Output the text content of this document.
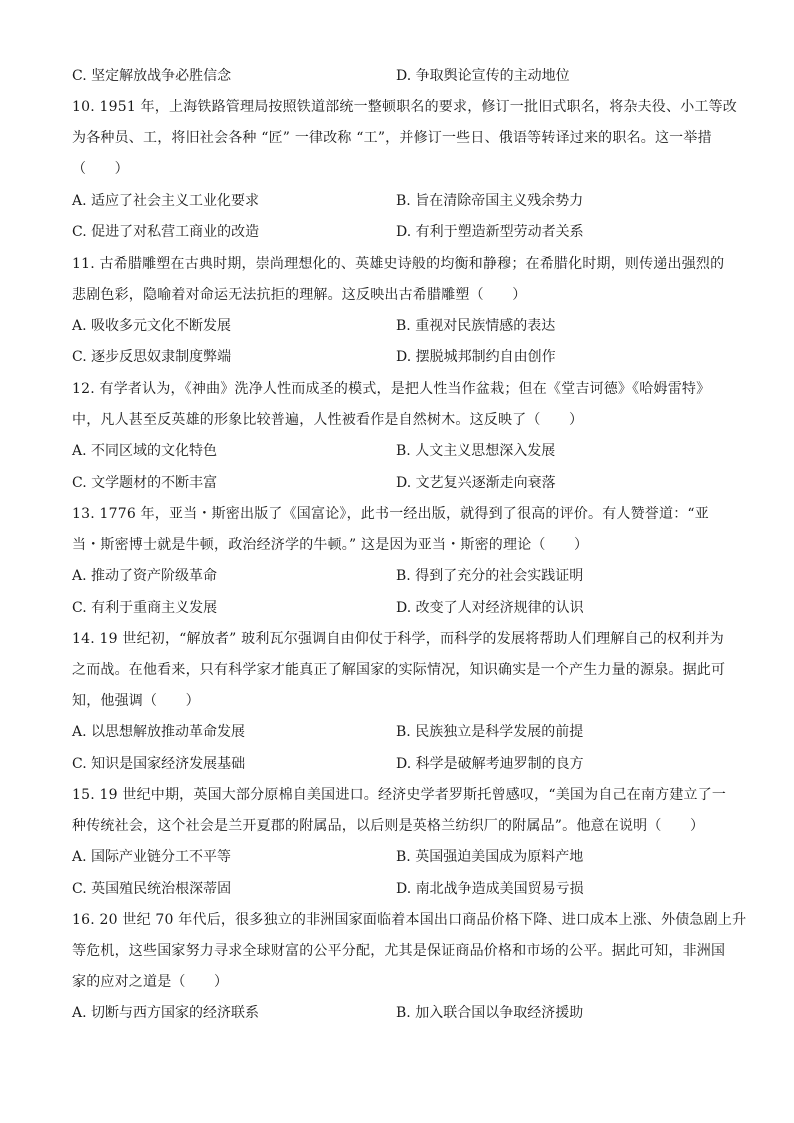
C. 坚定解放战争必胜信念	D. 争取舆论宣传的主动地位
10. 1951 年，上海铁路管理局按照铁道部统一整顿职名的要求，修订一批旧式职名，将杂夫役、小工等改
为各种员、工，将旧社会各种 “匠” 一律改称 “工”，并修订一些日、俄语等转译过来的职名。这一举措
（　　）
A. 适应了社会主义工业化要求	B. 旨在清除帝国主义残余势力
C. 促进了对私营工商业的改造	D. 有利于塑造新型劳动者关系
11. 古希腊雕塑在古典时期，崇尚理想化的、英雄史诗般的均衡和静穆；在希腊化时期，则传递出强烈的
悲剧色彩，隐喻着对命运无法抗拒的理解。这反映出古希腊雕塑（　　）
A. 吸收多元文化不断发展	B. 重视对民族情感的表达
C. 逐步反思奴隶制度弊端	D. 摆脱城邦制约自由创作
12. 有学者认为，《神曲》洗净人性而成圣的模式，是把人性当作盆栽；但在《堂吉诃德》《哈姆雷特》
中，凡人甚至反英雄的形象比较普遍，人性被看作是自然树木。这反映了（　　）
A. 不同区域的文化特色	B. 人文主义思想深入发展
C. 文学题材的不断丰富	D. 文艺复兴逐渐走向衰落
13. 1776 年，亚当・斯密出版了《国富论》，此书一经出版，就得到了很高的评价。有人赞誉道：“亚
当・斯密博士就是牛顿，政治经济学的牛顿。” 这是因为亚当・斯密的理论（　　）
A. 推动了资产阶级革命	B. 得到了充分的社会实践证明
C. 有利于重商主义发展	D. 改变了人对经济规律的认识
14. 19 世纪初，“解放者” 玻利瓦尔强调自由仰仗于科学，而科学的发展将帮助人们理解自己的权利并为
之而战。在他看来，只有科学家才能真正了解国家的实际情况，知识确实是一个产生力量的源泉。据此可
知，他强调（　　）
A. 以思想解放推动革命发展	B. 民族独立是科学发展的前提
C. 知识是国家经济发展基础	D. 科学是破解考迪罗制的良方
15. 19 世纪中期，英国大部分原棉自美国进口。经济史学者罗斯托曾感叹，“美国为自己在南方建立了一
种传统社会，这个社会是兰开夏郡的附属品，以后则是英格兰纺织厂的附属品”。他意在说明（　　）
A. 国际产业链分工不平等	B. 英国强迫美国成为原料产地
C. 英国殖民统治根深蒂固	D. 南北战争造成美国贸易亏损
16. 20 世纪 70 年代后，很多独立的非洲国家面临着本国出口商品价格下降、进口成本上涨、外债急剧上升
等危机，这些国家努力寻求全球财富的公平分配，尤其是保证商品价格和市场的公平。据此可知，非洲国
家的应对之道是（　　）
A. 切断与西方国家的经济联系	B. 加入联合国以争取经济援助
